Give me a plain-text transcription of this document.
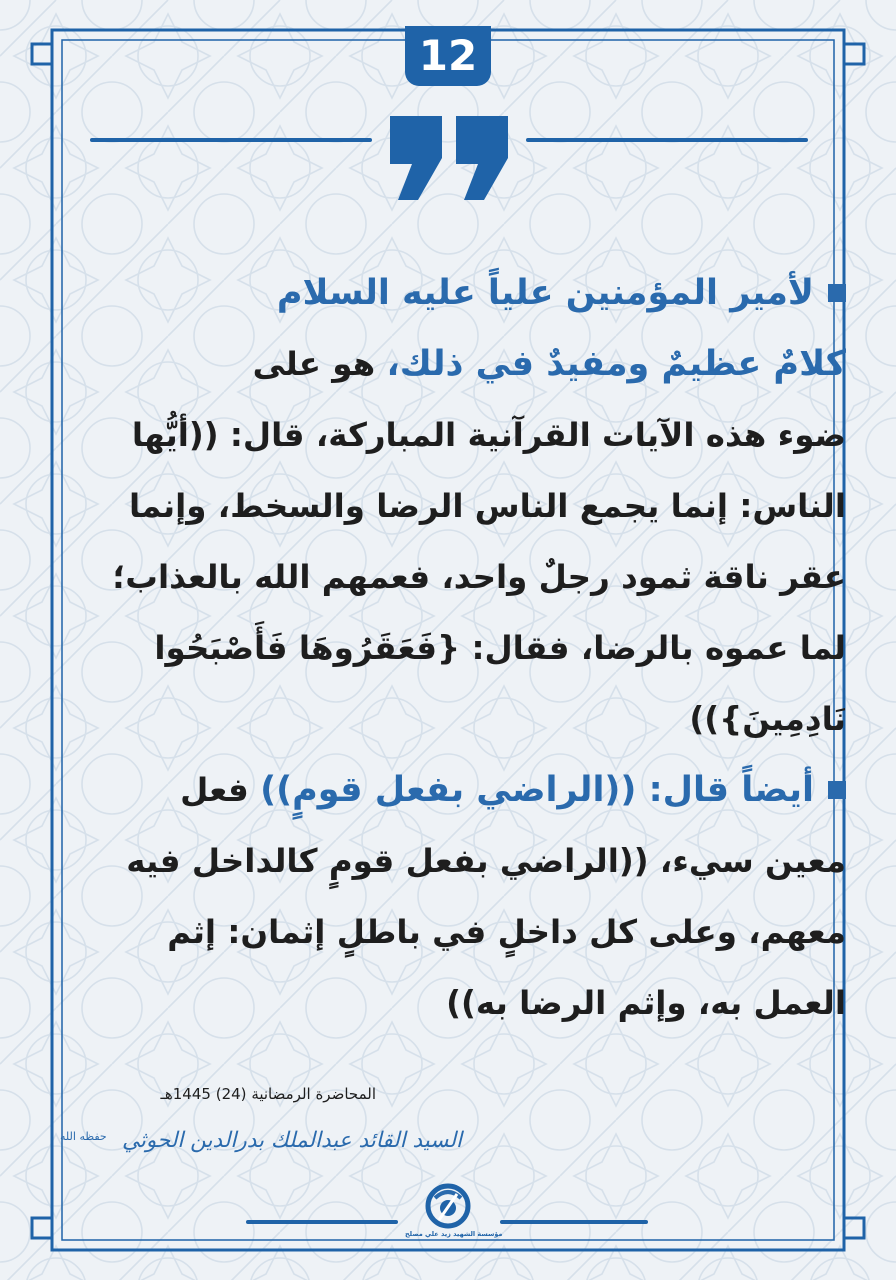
12
لأمير المؤمنين علياً عليه السلام
كلامٌ عظيمٌ ومفيدٌ في ذلك، هو على
ضوء هذه الآيات القرآنية المباركة، قال: ((أيُّها
الناس: إنما يجمع الناس الرضا والسخط، وإنما
عقر ناقة ثمود رجلٌ واحد، فعمهم الله بالعذاب؛
لما عموه بالرضا، فقال: {فَعَقَرُوهَا فَأَصْبَحُوا
نَادِمِينَ}))
أيضاً قال: ((الراضي بفعل قومٍ)) فعل
معين سيء، ((الراضي بفعل قومٍ كالداخل فيه
معهم، وعلى كل داخلٍ في باطلٍ إثمان: إثم
العمل به، وإثم الرضا به))
المحاضرة الرمضانية (24) 1445هـ
السيد القائد عبدالملك بدرالدين الحوثي
حفظه الله
مؤسسة الشهيد زيد علي مصلح
